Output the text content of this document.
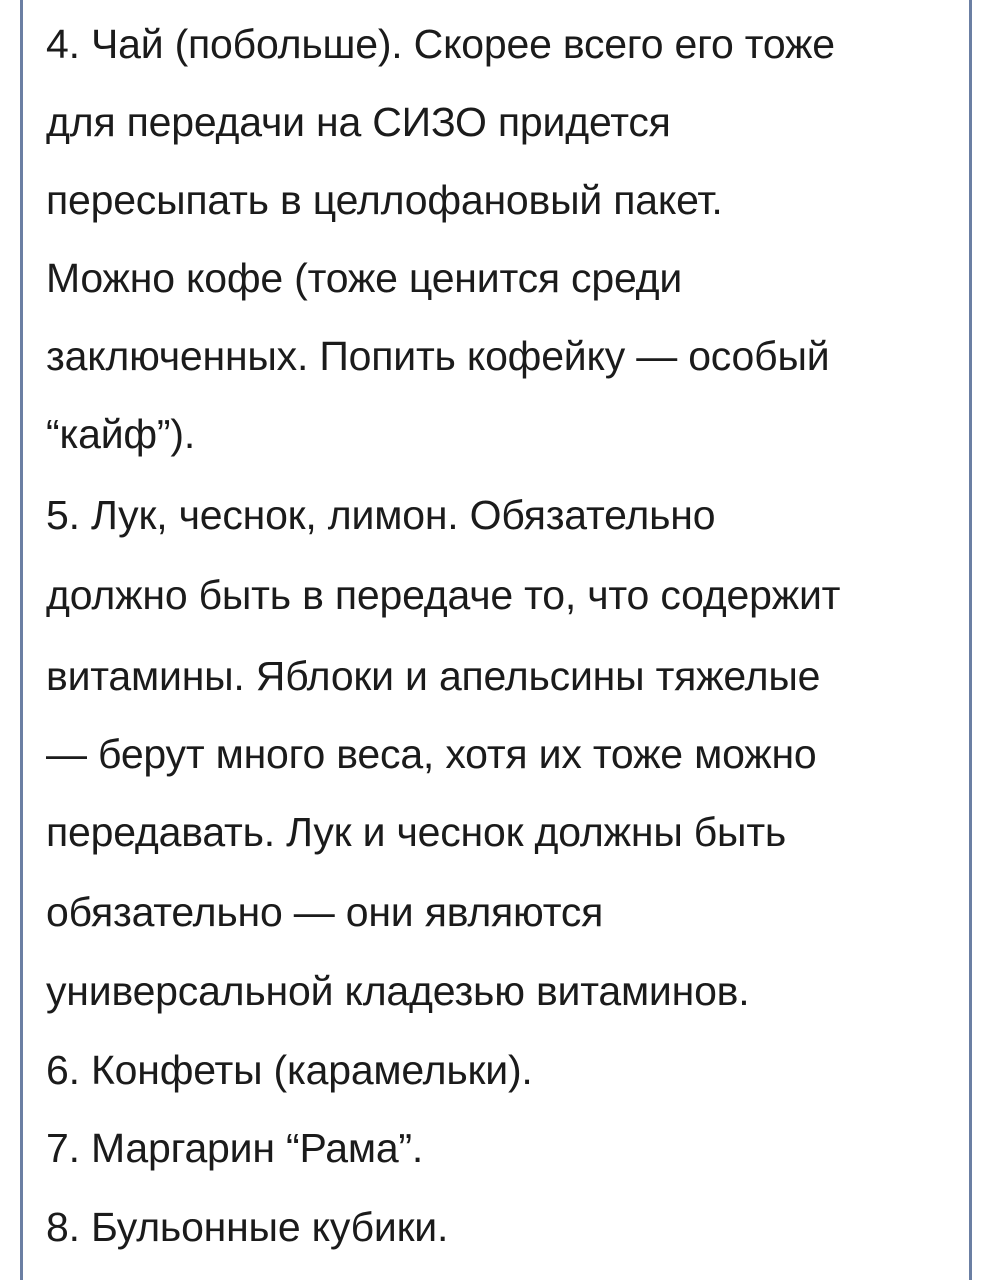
4. Чай (побольше). Скорее всего его тоже
для передачи на СИЗО придется
пересыпать в целлофановый пакет.
Можно кофе (тоже ценится среди
заключенных. Попить кофейку — особый
“кайф”).
5. Лук, чеснок, лимон. Обязательно
должно быть в передаче то, что содержит
витамины. Яблоки и апельсины тяжелые
— берут много веса, хотя их тоже можно
передавать. Лук и чеснок должны быть
обязательно — они являются
универсальной кладезью витаминов.
6. Конфеты (карамельки).
7. Маргарин “Рама”.
8. Бульонные кубики.
